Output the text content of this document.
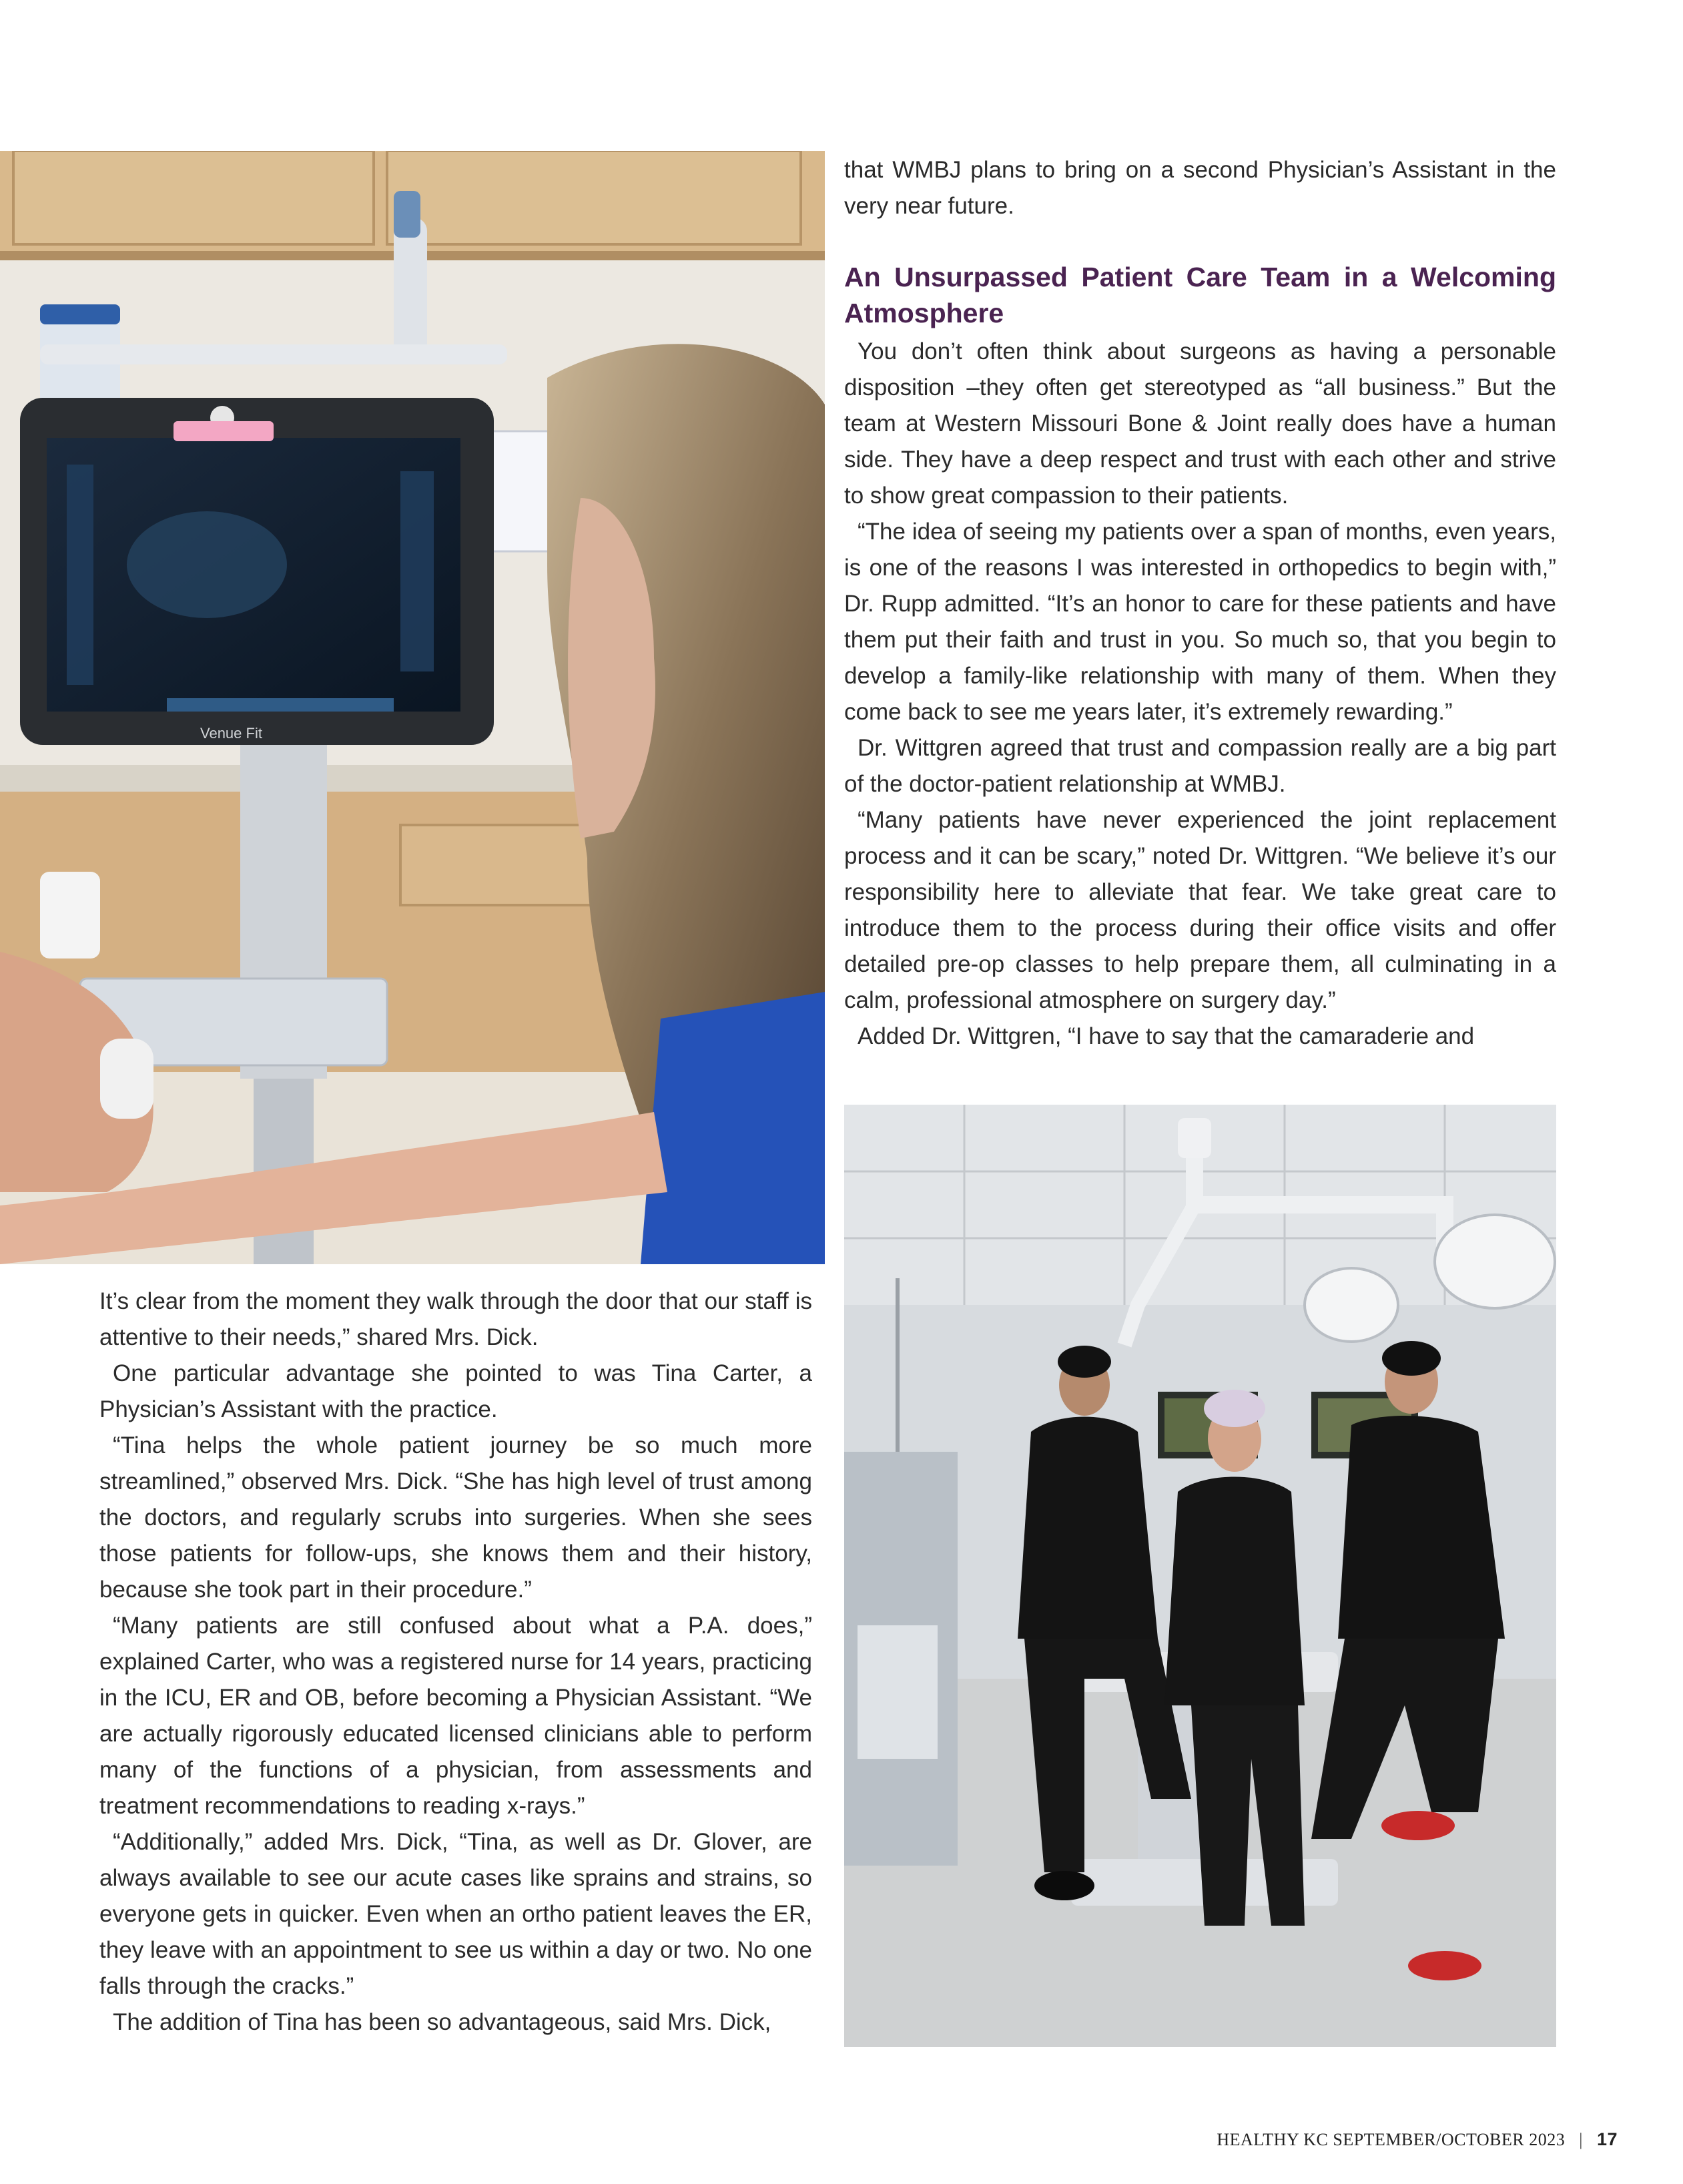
Venue Fit

that WMBJ plans to bring on a second Physician’s Assistant in the very near future.

An Unsurpassed Patient Care Team in a Welcoming Atmosphere

You don’t often think about surgeons as having a personable disposition –they often get stereotyped as “all business.” But the team at Western Missouri Bone & Joint really does have a human side. They have a deep respect and trust with each other and strive to show great compassion to their patients.

“The idea of seeing my patients over a span of months, even years, is one of the reasons I was interested in orthopedics to begin with,” Dr. Rupp admitted. “It’s an honor to care for these patients and have them put their faith and trust in you. So much so, that you begin to develop a family-like relationship with many of them. When they come back to see me years later, it’s extremely rewarding.”

Dr. Wittgren agreed that trust and compassion really are a big part of the doctor-patient relationship at WMBJ.

“Many patients have never experienced the joint replacement process and it can be scary,” noted Dr. Wittgren. “We believe it’s our responsibility here to alleviate that fear. We take great care to introduce them to the process during their office visits and offer detailed pre-op classes to help prepare them, all culminating in a calm, professional atmosphere on surgery day.”

Added Dr. Wittgren, “I have to say that the camaraderie and

It’s clear from the moment they walk through the door that our staff is attentive to their needs,” shared Mrs. Dick.

One particular advantage she pointed to was Tina Carter, a Physician’s Assistant with the practice.

“Tina helps the whole patient journey be so much more streamlined,” observed Mrs. Dick. “She has high level of trust among the doctors, and regularly scrubs into surgeries. When she sees those patients for follow-ups, she knows them and their history, because she took part in their procedure.”

“Many patients are still confused about what a P.A. does,” explained Carter, who was a registered nurse for 14 years, practicing in the ICU, ER and OB, before becoming a Physician Assistant. “We are actually rigorously educated licensed clinicians able to perform many of the functions of a physician, from assessments and treatment recommendations to reading x-rays.”

“Additionally,” added Mrs. Dick, “Tina, as well as Dr. Glover, are always available to see our acute cases like sprains and strains, so everyone gets in quicker. Even when an ortho patient leaves the ER, they leave with an appointment to see us within a day or two. No one falls through the cracks.”

The addition of Tina has been so advantageous, said Mrs. Dick,

HEALTHY KC SEPTEMBER/OCTOBER 2023 | 17
